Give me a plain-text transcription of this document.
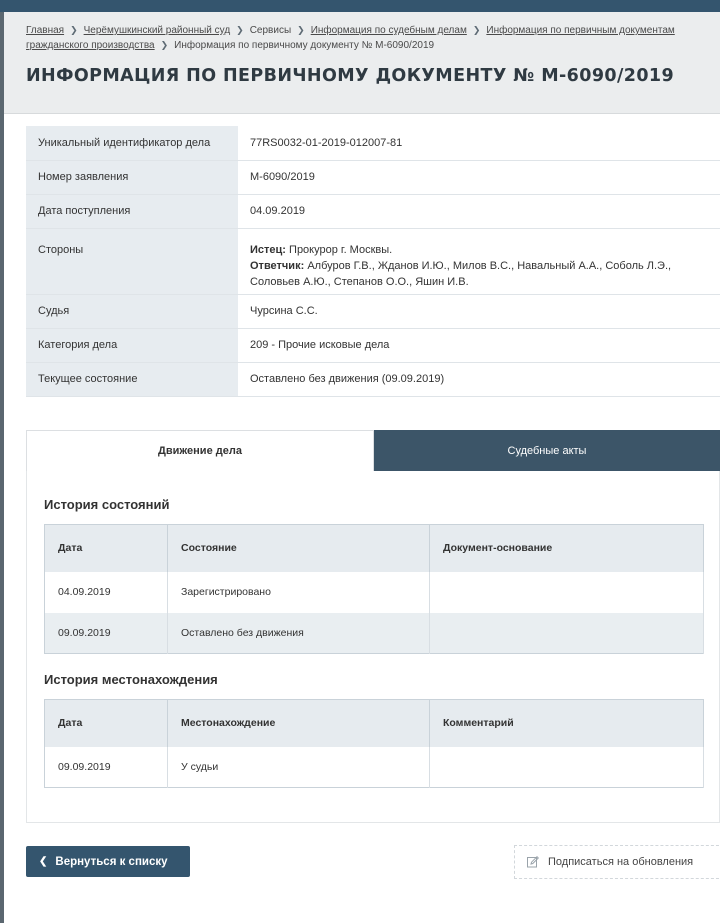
Главная ❯ Черёмушкинский районный суд ❯ Сервисы ❯ Информация по судебным делам ❯ Информация по первичным документам гражданского производства ❯ Информация по первичному документу № М-6090/2019
ИНФОРМАЦИЯ ПО ПЕРВИЧНОМУ ДОКУМЕНТУ № М-6090/2019
Уникальный идентификатор дела	77RS0032-01-2019-012007-81
Номер заявления	М-6090/2019
Дата поступления	04.09.2019
Стороны	Истец: Прокурор г. Москвы.
Ответчик: Албуров Г.В., Жданов И.Ю., Милов В.С., Навальный А.А., Соболь Л.Э., Соловьев А.Ю., Степанов О.О., Яшин И.В.

Судья	Чурсина С.С.
Категория дела	209 - Прочие исковые дела
Текущее состояние	Оставлено без движения (09.09.2019)
Движение дела	Судебные акты
История состояний
Дата	Состояние	Документ-основание
04.09.2019	Зарегистрировано	
09.09.2019	Оставлено без движения	
История местонахождения
Дата	Местонахождение	Комментарий
09.09.2019	У судьи	
❮ Вернуться к списку	Подписаться на обновления
